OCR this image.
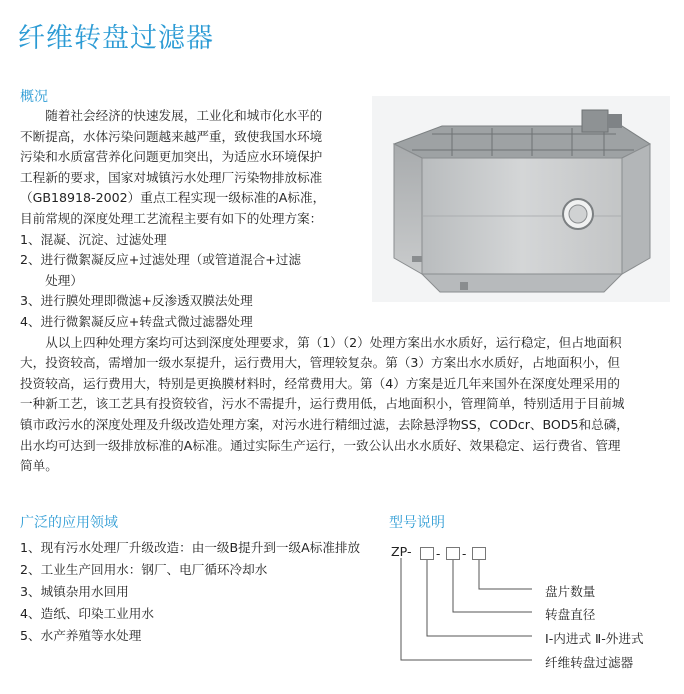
纤维转盘过滤器
概况
　　随着社会经济的快速发展，工业化和城市化水平的
不断提高，水体污染问题越来越严重，致使我国水环境
污染和水质富营养化问题更加突出，为适应水环境保护
工程新的要求，国家对城镇污水处理厂污染物排放标准
（GB18918-2002）重点工程实现一级标准的A标准，
目前常规的深度处理工艺流程主要有如下的处理方案：
1、混凝、沉淀、过滤处理
2、进行微絮凝反应+过滤处理（或管道混合+过滤
　　处理）
3、进行膜处理即微滤+反渗透双膜法处理
4、进行微絮凝反应+转盘式微过滤器处理
　　从以上四种处理方案均可达到深度处理要求，第（1）（2）处理方案出水水质好，运行稳定，但占地面积
大，投资较高，需增加一级水泵提升，运行费用大，管理较复杂。第（3）方案出水水质好，占地面积小，但
投资较高，运行费用大，特别是更换膜材料时，经常费用大。第（4）方案是近几年来国外在深度处理采用的
一种新工艺，该工艺具有投资较省，污水不需提升，运行费用低，占地面积小，管理简单，特别适用于目前城
镇市政污水的深度处理及升级改造处理方案，对污水进行精细过滤，去除悬浮物SS，CODcr、BOD5和总磷，
出水均可达到一级排放标准的A标准。通过实际生产运行，一致公认出水水质好、效果稳定、运行费省、管理
简单。
广泛的应用领域
1、现有污水处理厂升级改造：由一级B提升到一级A标准排放
2、工业生产回用水：钢厂、电厂循环冷却水
3、城镇杂用水回用
4、造纸、印染工业用水
5、水产养殖等水处理
型号说明
ZP- - -
盘片数量
转盘直径
Ⅰ-内进式 Ⅱ-外进式
纤维转盘过滤器
